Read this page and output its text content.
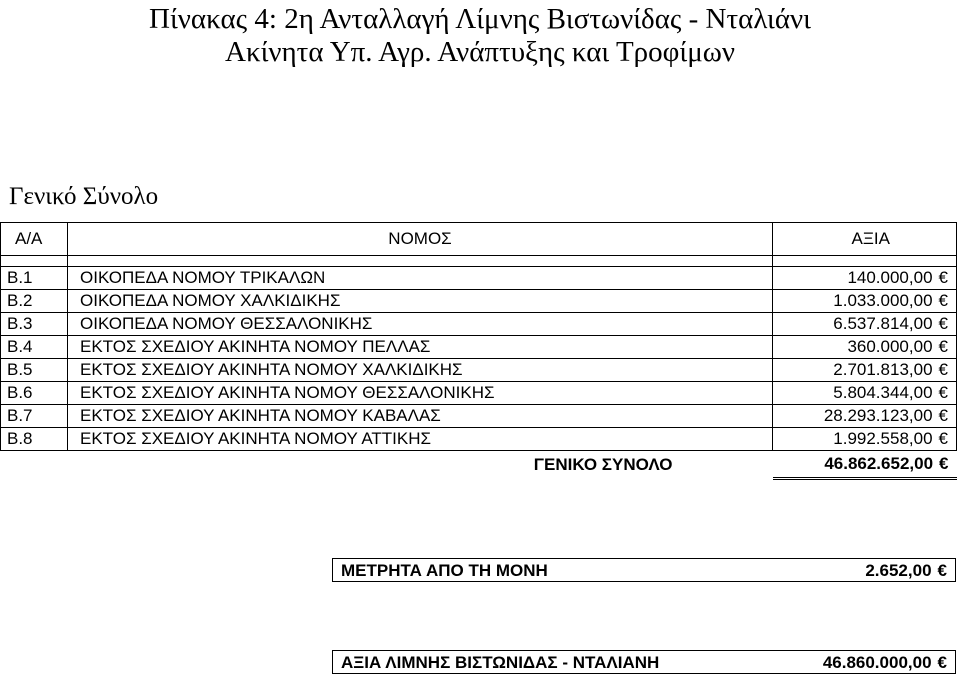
Πίνακας 4: 2η Ανταλλαγή Λίμνης Βιστωνίδας - Νταλιάνι
Ακίνητα Υπ. Αγρ. Ανάπτυξης και Τροφίμων
Γενικό Σύνολο
Α/Α	ΝΟΜΟΣ	ΑΞΙΑ

Β.1	ΟΙΚΟΠΕΔΑ ΝΟΜΟΥ ΤΡΙΚΑΛΩΝ	140.000,00 €
Β.2	ΟΙΚΟΠΕΔΑ ΝΟΜΟΥ ΧΑΛΚΙΔΙΚΗΣ	1.033.000,00 €
Β.3	ΟΙΚΟΠΕΔΑ ΝΟΜΟΥ ΘΕΣΣΑΛΟΝΙΚΗΣ	6.537.814,00 €
Β.4	ΕΚΤΟΣ ΣΧΕΔΙΟΥ ΑΚΙΝΗΤΑ ΝΟΜΟΥ ΠΕΛΛΑΣ	360.000,00 €
Β.5	ΕΚΤΟΣ ΣΧΕΔΙΟΥ ΑΚΙΝΗΤΑ ΝΟΜΟΥ ΧΑΛΚΙΔΙΚΗΣ	2.701.813,00 €
Β.6	ΕΚΤΟΣ ΣΧΕΔΙΟΥ ΑΚΙΝΗΤΑ ΝΟΜΟΥ ΘΕΣΣΑΛΟΝΙΚΗΣ	5.804.344,00 €
Β.7	ΕΚΤΟΣ ΣΧΕΔΙΟΥ ΑΚΙΝΗΤΑ ΝΟΜΟΥ ΚΑΒΑΛΑΣ	28.293.123,00 €
Β.8	ΕΚΤΟΣ ΣΧΕΔΙΟΥ ΑΚΙΝΗΤΑ ΝΟΜΟΥ ΑΤΤΙΚΗΣ	1.992.558,00 €
	ΓΕΝΙΚΟ ΣΥΝΟΛΟ	46.862.652,00 €
ΜΕΤΡΗΤΑ ΑΠΟ ΤΗ ΜΟΝΗ	2.652,00 €
ΑΞΙΑ ΛΙΜΝΗΣ ΒΙΣΤΩΝΙΔΑΣ - ΝΤΑΛΙΑΝΗ	46.860.000,00 €
